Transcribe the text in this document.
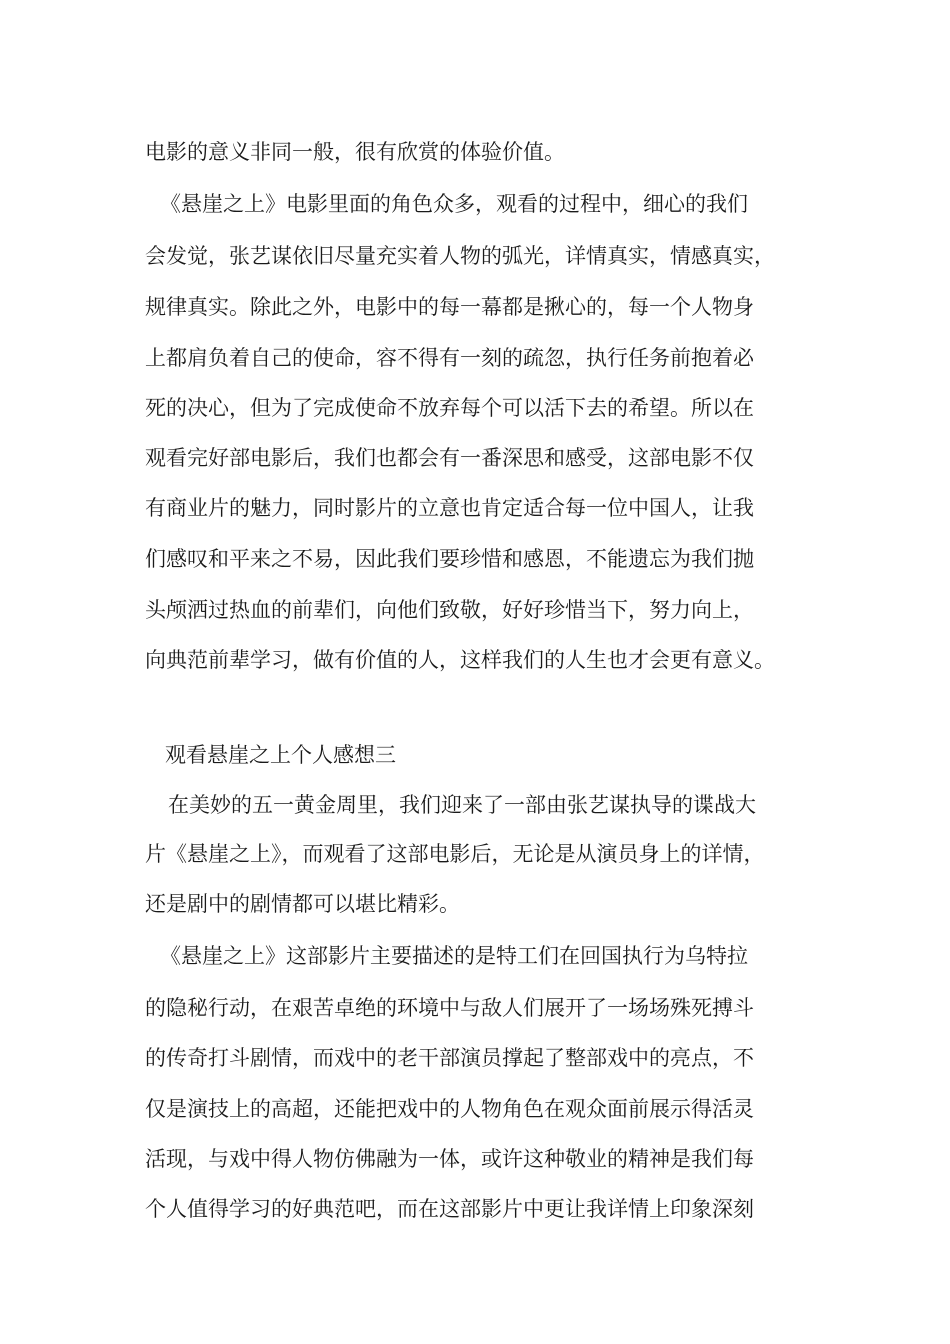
电影的意义非同一般，很有欣赏的体验价值。
《悬崖之上》电影里面的角色众多，观看的过程中，细心的我们
会发觉，张艺谋依旧尽量充实着人物的弧光，详情真实，情感真实，
规律真实。除此之外，电影中的每一幕都是揪心的，每一个人物身
上都肩负着自己的使命，容不得有一刻的疏忽，执行任务前抱着必
死的决心，但为了完成使命不放弃每个可以活下去的希望。所以在
观看完好部电影后，我们也都会有一番深思和感受，这部电影不仅
有商业片的魅力，同时影片的立意也肯定适合每一位中国人，让我
们感叹和平来之不易，因此我们要珍惜和感恩，不能遗忘为我们抛
头颅洒过热血的前辈们，向他们致敬，好好珍惜当下，努力向上，
向典范前辈学习，做有价值的人，这样我们的人生也才会更有意义。
观看悬崖之上个人感想三
在美妙的五一黄金周里，我们迎来了一部由张艺谋执导的谍战大
片《悬崖之上》，而观看了这部电影后，无论是从演员身上的详情，
还是剧中的剧情都可以堪比精彩。
《悬崖之上》这部影片主要描述的是特工们在回国执行为乌特拉
的隐秘行动，在艰苦卓绝的环境中与敌人们展开了一场场殊死搏斗
的传奇打斗剧情，而戏中的老干部演员撑起了整部戏中的亮点，不
仅是演技上的高超，还能把戏中的人物角色在观众面前展示得活灵
活现，与戏中得人物仿佛融为一体，或许这种敬业的精神是我们每
个人值得学习的好典范吧，而在这部影片中更让我详情上印象深刻
